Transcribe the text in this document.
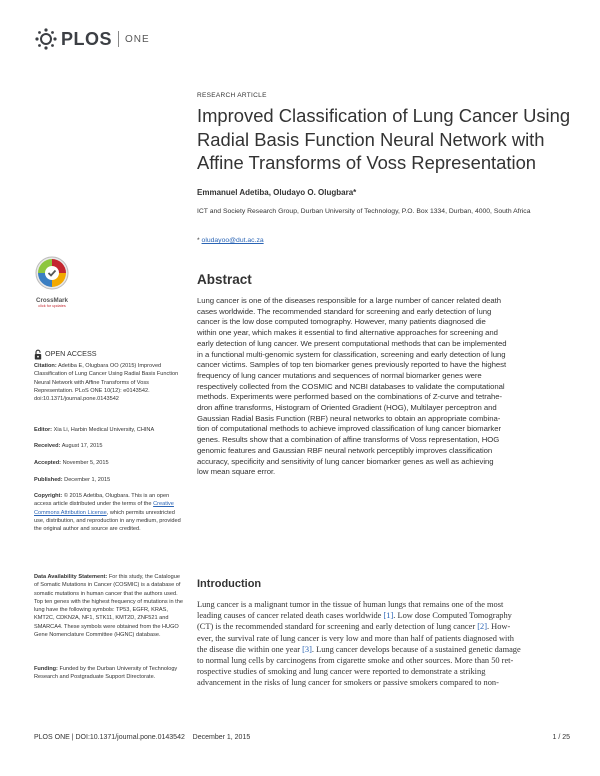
PLOS ONE
RESEARCH ARTICLE
Improved Classification of Lung Cancer Using Radial Basis Function Neural Network with Affine Transforms of Voss Representation
Emmanuel Adetiba, Oludayo O. Olugbara*
ICT and Society Research Group, Durban University of Technology, P.O. Box 1334, Durban, 4000, South Africa
* oludayoo@dut.ac.za
CrossMark
click for updates
OPEN ACCESS
Citation: Adetiba E, Olugbara OO (2015) Improved Classification of Lung Cancer Using Radial Basis Function Neural Network with Affine Transforms of Voss Representation. PLoS ONE 10(12): e0143542. doi:10.1371/journal.pone.0143542
Editor: Xia Li, Harbin Medical University, CHINA
Received: August 17, 2015
Accepted: November 5, 2015
Published: December 1, 2015
Copyright: © 2015 Adetiba, Olugbara. This is an open access article distributed under the terms of the Creative Commons Attribution License, which permits unrestricted use, distribution, and reproduction in any medium, provided the original author and source are credited.
Data Availability Statement: For this study, the Catalogue of Somatic Mutations in Cancer (COSMIC) is a database of somatic mutations in human cancer that the authors used. Top ten genes with the highest frequency of mutations in the lung have the following symbols: TP53, EGFR, KRAS, KMT2C, CDKN2A, NF1, STK11, KMT2D, ZNF521 and SMARCA4. These symbols were obtained from the HUGO Gene Nomenclature Committee (HGNC) database.
Funding: Funded by the Durban University of Technology Research and Postgraduate Support Directorate.
Abstract
Lung cancer is one of the diseases responsible for a large number of cancer related death
cases worldwide. The recommended standard for screening and early detection of lung
cancer is the low dose computed tomography. However, many patients diagnosed die
within one year, which makes it essential to find alternative approaches for screening and
early detection of lung cancer. We present computational methods that can be implemented
in a functional multi-genomic system for classification, screening and early detection of lung
cancer victims. Samples of top ten biomarker genes previously reported to have the highest
frequency of lung cancer mutations and sequences of normal biomarker genes were
respectively collected from the COSMIC and NCBI databases to validate the computational
methods. Experiments were performed based on the combinations of Z-curve and tetrahe-
dron affine transforms, Histogram of Oriented Gradient (HOG), Multilayer perceptron and
Gaussian Radial Basis Function (RBF) neural networks to obtain an appropriate combina-
tion of computational methods to achieve improved classification of lung cancer biomarker
genes. Results show that a combination of affine transforms of Voss representation, HOG
genomic features and Gaussian RBF neural network perceptibly improves classification
accuracy, specificity and sensitivity of lung cancer biomarker genes as well as achieving
low mean square error.
Introduction
Lung cancer is a malignant tumor in the tissue of human lungs that remains one of the most
leading causes of cancer related death cases worldwide [1]. Low dose Computed Tomography
(CT) is the recommended standard for screening and early detection of lung cancer [2]. How-
ever, the survival rate of lung cancer is very low and more than half of patients diagnosed with
the disease die within one year [3]. Lung cancer develops because of a sustained genetic damage
to normal lung cells by carcinogens from cigarette smoke and other sources. More than 50 ret-
rospective studies of smoking and lung cancer were reported to demonstrate a striking
advancement in the risks of lung cancer for smokers or passive smokers compared to non-
PLOS ONE | DOI:10.1371/journal.pone.0143542    December 1, 2015	1 / 25
